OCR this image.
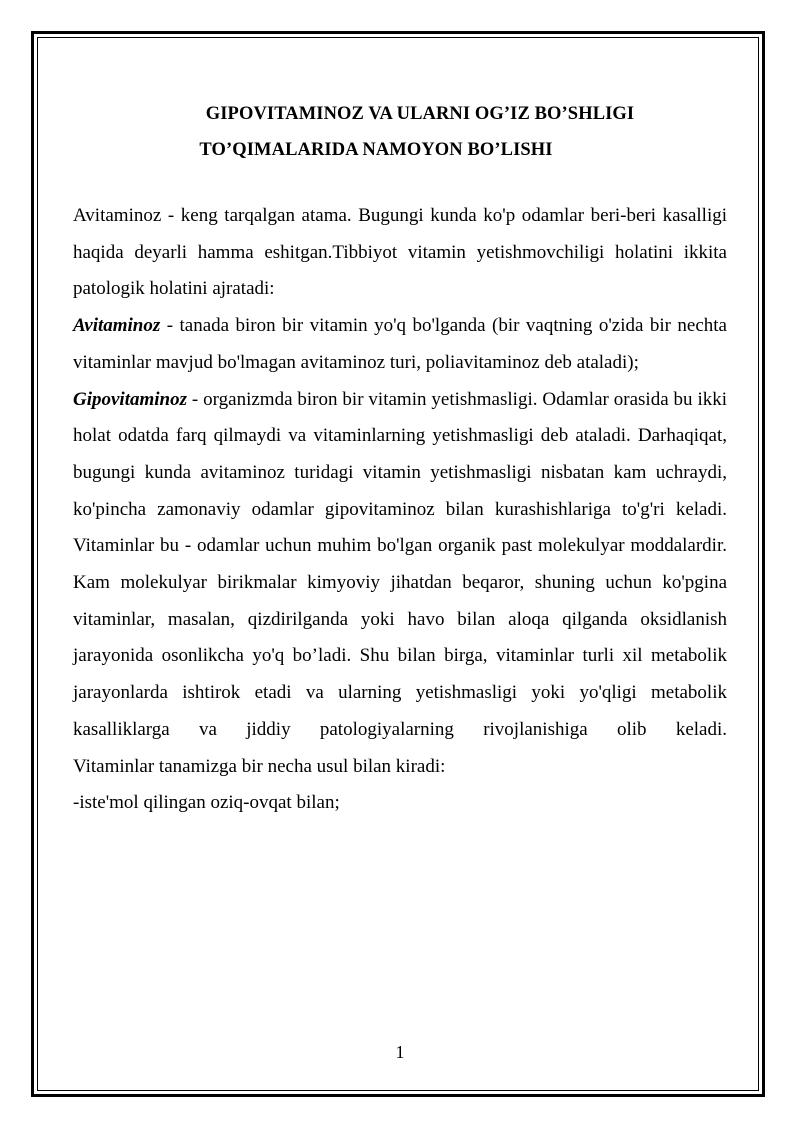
GIPOVITAMINOZ VA ULARNI OG’IZ BO’SHLIGI
TO’QIMALARIDA NAMOYON BO’LISHI

Avitaminoz - keng tarqalgan atama. Bugungi kunda ko'p odamlar beri-beri kasalligi haqida deyarli hamma eshitgan.Tibbiyot vitamin yetishmovchiligi holatini ikkita patologik holatini ajratadi:

Avitaminoz - tanada biron bir vitamin yo'q bo'lganda (bir vaqtning o'zida bir nechta vitaminlar mavjud bo'lmagan avitaminoz turi, poliavitaminoz deb ataladi);

Gipovitaminoz - organizmda biron bir vitamin yetishmasligi. Odamlar orasida bu ikki holat odatda farq qilmaydi va vitaminlarning yetishmasligi deb ataladi. Darhaqiqat, bugungi kunda avitaminoz turidagi vitamin yetishmasligi nisbatan kam uchraydi, ko'pincha zamonaviy odamlar gipovitaminoz bilan kurashishlariga to'g'ri keladi.

Vitaminlar bu - odamlar uchun muhim bo'lgan organik past molekulyar moddalardir. Kam molekulyar birikmalar kimyoviy jihatdan beqaror, shuning uchun ko'pgina vitaminlar, masalan, qizdirilganda yoki havo bilan aloqa qilganda oksidlanish jarayonida osonlikcha yo'q bo’ladi. Shu bilan birga, vitaminlar turli xil metabolik jarayonlarda ishtirok etadi va ularning yetishmasligi yoki yo'qligi metabolik kasalliklarga va jiddiy patologiyalarning rivojlanishiga olib keladi.

Vitaminlar tanamizga bir necha usul bilan kiradi:

-iste'mol qilingan oziq-ovqat bilan;

1
